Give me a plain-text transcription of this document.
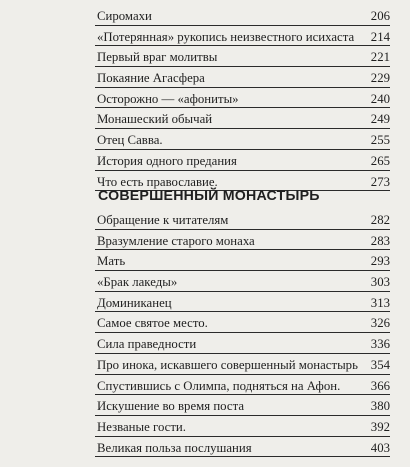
Сиромахи	206
«Потерянная» рукопись неизвестного исихаста 214
Первый враг молитвы	221
Покаяние Агасфера	229
Осторожно — «афониты»	240
Монашеский обычай	249
Отец Савва.	255
История одного предания	265
Что есть православие.	273
СОВЕРШЕННЫЙ МОНАСТЫРЬ
Обращение к читателям	282
Вразумление старого монаха	283
Мать	293
«Брак лакеды»	303
Доминиканец	313
Самое святое место.	326
Сила праведности	336
Про инока, искавшего совершенный монастырь 354
Спустившись с Олимпа, подняться на Афон. 366
Искушение во время поста	380
Незваные гости.	392
Великая польза послушания	403
